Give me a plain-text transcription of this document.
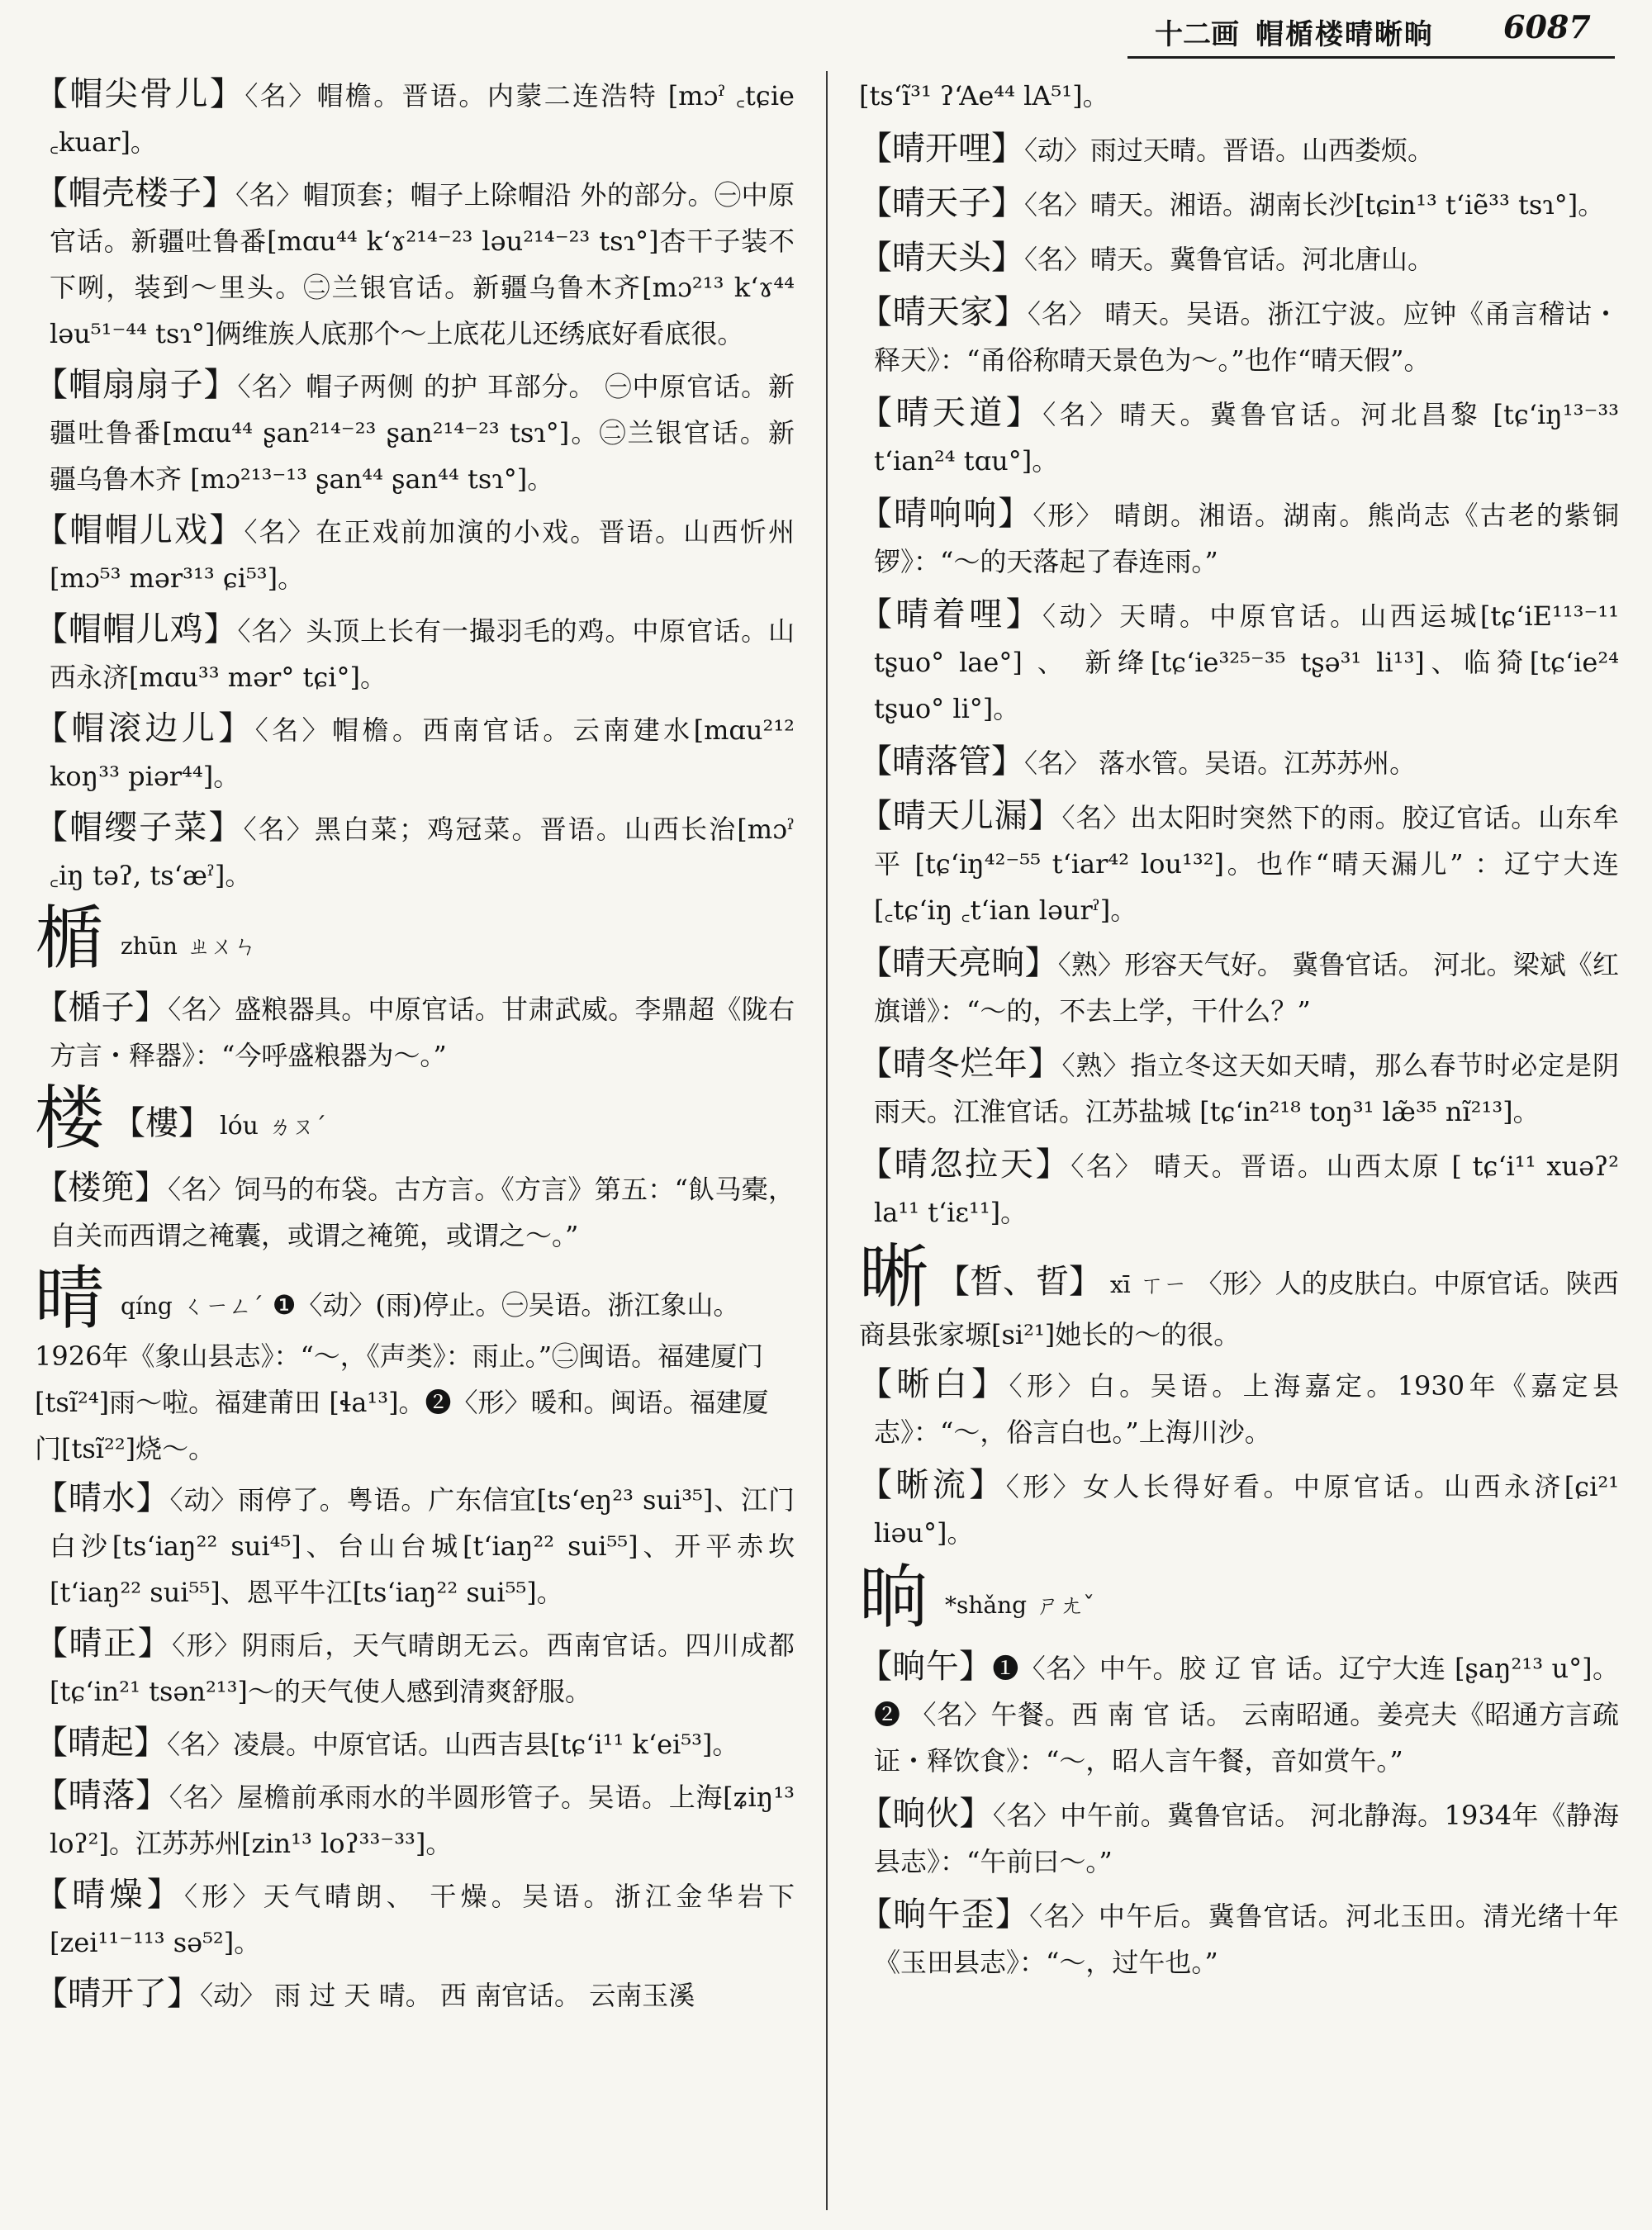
十二画 帽楯楼晴晰晌 6087
【帽尖骨儿】〈名〉帽檐。晋语。内蒙二连浩特 [mɔˀ ꜀tɕie ꜀kuar]。
【帽壳楼子】〈名〉帽顶套；帽子上除帽沿 外的部分。㊀中原官话。新疆吐鲁番[mɑu⁴⁴ k‘ɤ²¹⁴⁻²³ ləu²¹⁴⁻²³ tsɿ°]杏干子装不下咧，装到～里头。㊁兰银官话。新疆乌鲁木齐[mɔ²¹³ k‘ɤ⁴⁴ ləu⁵¹⁻⁴⁴ tsɿ°]俩维族人底那个～上底花儿还绣底好看底很。
【帽扇扇子】〈名〉帽子两侧 的护 耳部分。 ㊀中原官话。新疆吐鲁番[mɑu⁴⁴ ʂan²¹⁴⁻²³ ʂan²¹⁴⁻²³ tsɿ°]。㊁兰银官话。新疆乌鲁木齐 [mɔ²¹³⁻¹³ ʂan⁴⁴ ʂan⁴⁴ tsɿ°]。
【帽帽儿戏】〈名〉在正戏前加演的小戏。晋语。山西忻州[mɔ⁵³ mər³¹³ ɕi⁵³]。
【帽帽儿鸡】〈名〉头顶上长有一撮羽毛的鸡。中原官话。山西永济[mɑu³³ mər° tɕi°]。
【帽滚边儿】〈名〉帽檐。西南官话。云南建水[mɑu²¹² koŋ³³ piər⁴⁴]。
【帽缨子菜】〈名〉黑白菜；鸡冠菜。晋语。山西长治[mɔˀ ꜀iŋ təʔ, ts‘æˀ]。
楯zhūn ㄓㄨㄣ
【楯子】〈名〉盛粮器具。中原官话。甘肃武威。李鼎超《陇右方言・释器》：“今呼盛粮器为～。”
楼 【樓】 lóu ㄌㄡˊ
【楼篼】〈名〉饲马的布袋。古方言。《方言》第五：“飤马橐，自关而西谓之裺囊，或谓之裺篼，或谓之～。”
晴qíng ㄑㄧㄥˊ ❶〈动〉(雨)停止。㊀吴语。浙江象山。1926年《象山县志》：“～，《声类》：雨止。”㊁闽语。福建厦门[tsĩ²⁴]雨～啦。福建莆田 [ɬa¹³]。❷〈形〉暖和。闽语。福建厦门[tsĩ²²]烧～。
【晴水】〈动〉雨停了。粤语。广东信宜[ts‘eŋ²³ sui³⁵]、江门白沙[ts‘iaŋ²² sui⁴⁵]、台山台城[t‘iaŋ²² sui⁵⁵]、开平赤坎[t‘iaŋ²² sui⁵⁵]、恩平牛江[ts‘iaŋ²² sui⁵⁵]。
【晴正】〈形〉阴雨后，天气晴朗无云。西南官话。四川成都[tɕ‘in²¹ tsən²¹³]～的天气使人感到清爽舒服。
【晴起】〈名〉凌晨。中原官话。山西吉县[tɕ‘i¹¹ k‘ei⁵³]。
【晴落】〈名〉屋檐前承雨水的半圆形管子。吴语。上海[ʑiŋ¹³ loʔ²]。江苏苏州[zin¹³ loʔ³³⁻³³]。
【晴燥】〈形〉天气晴朗、 干燥。吴语。浙江金华岩下[zei¹¹⁻¹¹³ sə⁵²]。
【晴开了】〈动〉 雨 过 天 晴。 西 南官话。 云南玉溪
[ts‘ĩ³¹ ʔ‘Ae⁴⁴ lA⁵¹]。
【晴开哩】〈动〉雨过天晴。晋语。山西娄烦。
【晴天子】〈名〉晴天。湘语。湖南长沙[tɕin¹³ t‘iẽ³³ tsɿ°]。
【晴天头】〈名〉晴天。冀鲁官话。河北唐山。
【晴天家】〈名〉 晴天。吴语。浙江宁波。应钟《甬言稽诂・释天》：“甬俗称晴天景色为～。”也作“晴天假”。
【晴天道】〈名〉晴天。冀鲁官话。河北昌黎 [tɕ‘iŋ¹³⁻³³ t‘ian²⁴ tɑu°]。
【晴响响】〈形〉 晴朗。湘语。湖南。熊尚志《古老的紫铜锣》：“～的天落起了春连雨。”
【晴着哩】〈动〉天晴。中原官话。山西运城[tɕ‘iE¹¹³⁻¹¹ tʂuo° lae°] 、 新绛[tɕ‘ie³²⁵⁻³⁵ tʂə³¹ li¹³]、临猗[tɕ‘ie²⁴ tʂuo° li°]。
【晴落管】〈名〉 落水管。吴语。江苏苏州。
【晴天儿漏】〈名〉出太阳时突然下的雨。胶辽官话。山东牟平 [tɕ‘iŋ⁴²⁻⁵⁵ t‘iar⁴² lou¹³²]。也作“晴天漏儿” ：辽宁大连 [꜀tɕ‘iŋ ꜀t‘ian ləurˀ]。
【晴天亮晌】〈熟〉形容天气好。 冀鲁官话。 河北。梁斌《红旗谱》：“～的，不去上学，干什么？”
【晴冬烂年】〈熟〉指立冬这天如天晴，那么春节时必定是阴雨天。江淮官话。江苏盐城 [tɕ‘in²¹⁸ toŋ³¹ læ̃³⁵ nĩ²¹³]。
【晴忽拉天】〈名〉 晴天。晋语。山西太原 [ tɕ‘i¹¹ xuəʔ² la¹¹ t‘iɛ¹¹]。
晰 【晳、晢】 xī ㄒㄧ 〈形〉人的皮肤白。中原官话。陕西商县张家塬[si²¹]她长的～的很。
【晰白】〈形〉白。吴语。上海嘉定。1930年《嘉定县志》：“～，俗言白也。”上海川沙。
【晰流】〈形〉女人长得好看。中原官话。山西永济[ɕi²¹ liəu°]。
晌 *shǎng ㄕㄤˇ
【晌午】❶〈名〉中午。胶 辽 官 话。辽宁大连 [ʂaŋ²¹³ u°]。❷ 〈名〉午餐。西 南 官 话。 云南昭通。姜亮夫《昭通方言疏证・释饮食》：“～，昭人言午餐，音如赏午。”
【晌伙】〈名〉中午前。冀鲁官话。 河北静海。1934年《静海县志》：“午前曰～。”
【晌午歪】〈名〉中午后。冀鲁官话。河北玉田。清光绪十年《玉田县志》：“～，过午也。”
